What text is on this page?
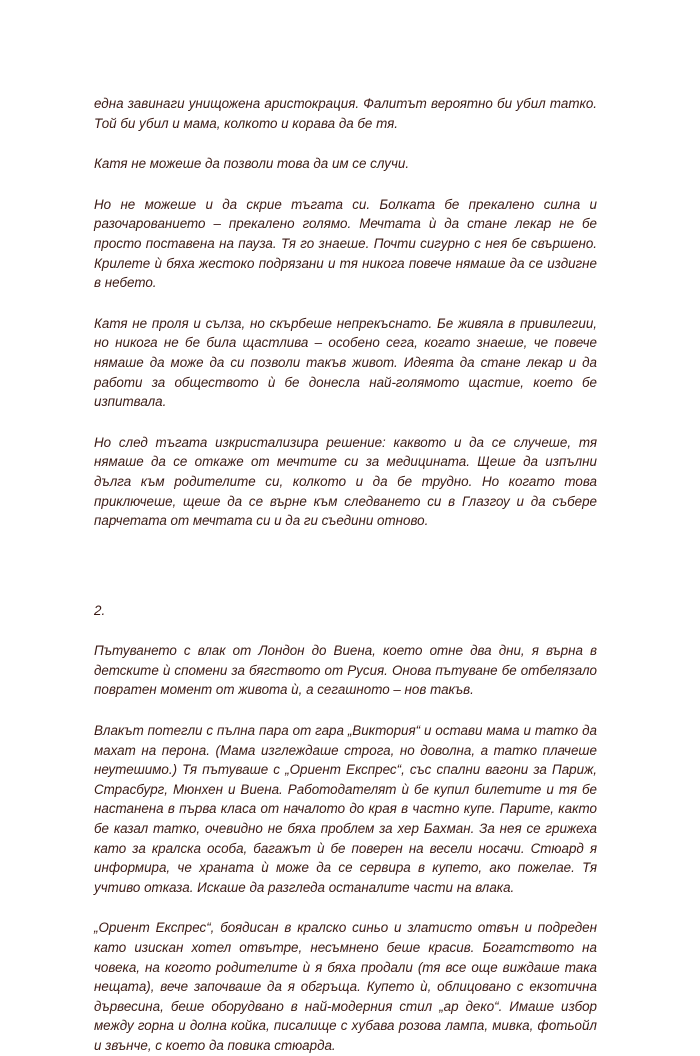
една завинаги унищожена аристокрация. Фалитът вероятно би убил татко. Той би убил и мама, колкото и корава да бе тя.

Катя не можеше да позволи това да им се случи.

Но не можеше и да скрие тъгата си. Болката бе прекалено силна и разочарованието – прекалено голямо. Мечтата ѝ да стане лекар не бе просто поставена на пауза. Тя го знаеше. Почти сигурно с нея бе свършено. Крилете ѝ бяха жестоко подрязани и тя никога повече нямаше да се издигне в небето.

Катя не проля и сълза, но скърбеше непрекъснато. Бе живяла в привилегии, но никога не бе била щастлива – особено сега, когато знаеше, че повече нямаше да може да си позволи такъв живот. Идеята да стане лекар и да работи за обществото ѝ бе донесла най-голямото щастие, което бе изпитвала.

Но след тъгата изкристализира решение: каквото и да се случеше, тя нямаше да се откаже от мечтите си за медицината. Щеше да изпълни дълга към родителите си, колкото и да бе трудно. Но когато това приключеше, щеше да се върне към следването си в Глазгоу и да събере парчетата от мечтата си и да ги съедини отново.

2.

Пътуването с влак от Лондон до Виена, което отне два дни, я върна в детските ѝ спомени за бягството от Русия. Онова пътуване бе отбелязало повратен момент от живота ѝ, а сегашното – нов такъв.

Влакът потегли с пълна пара от гара „Виктория“ и остави мама и татко да махат на перона. (Мама изглеждаше строга, но доволна, а татко плачеше неутешимо.) Тя пътуваше с „Ориент Експрес“, със спални вагони за Париж, Страсбург, Мюнхен и Виена. Работодателят ѝ бе купил билетите и тя бе настанена в първа класа от началото до края в частно купе. Парите, както бе казал татко, очевидно не бяха проблем за хер Бахман. За нея се грижеха като за кралска особа, багажът ѝ бе поверен на весели носачи. Стюард я информира, че храната ѝ може да се сервира в купето, ако пожелае. Тя учтиво отказа. Искаше да разгледа останалите части на влака.

„Ориент Експрес“, боядисан в кралско синьо и златисто отвън и подреден като изискан хотел отвътре, несъмнено беше красив. Богатството на човека, на когото родителите ѝ я бяха продали (тя все още виждаше така нещата), вече започваше да я обгръща. Купето ѝ, облицовано с екзотична дървесина, беше оборудвано в най-модерния стил „ар деко“. Имаше избор между горна и долна койка, писалище с хубава розова лампа, мивка, фотьойл и звънче, с което да повика стюарда.
